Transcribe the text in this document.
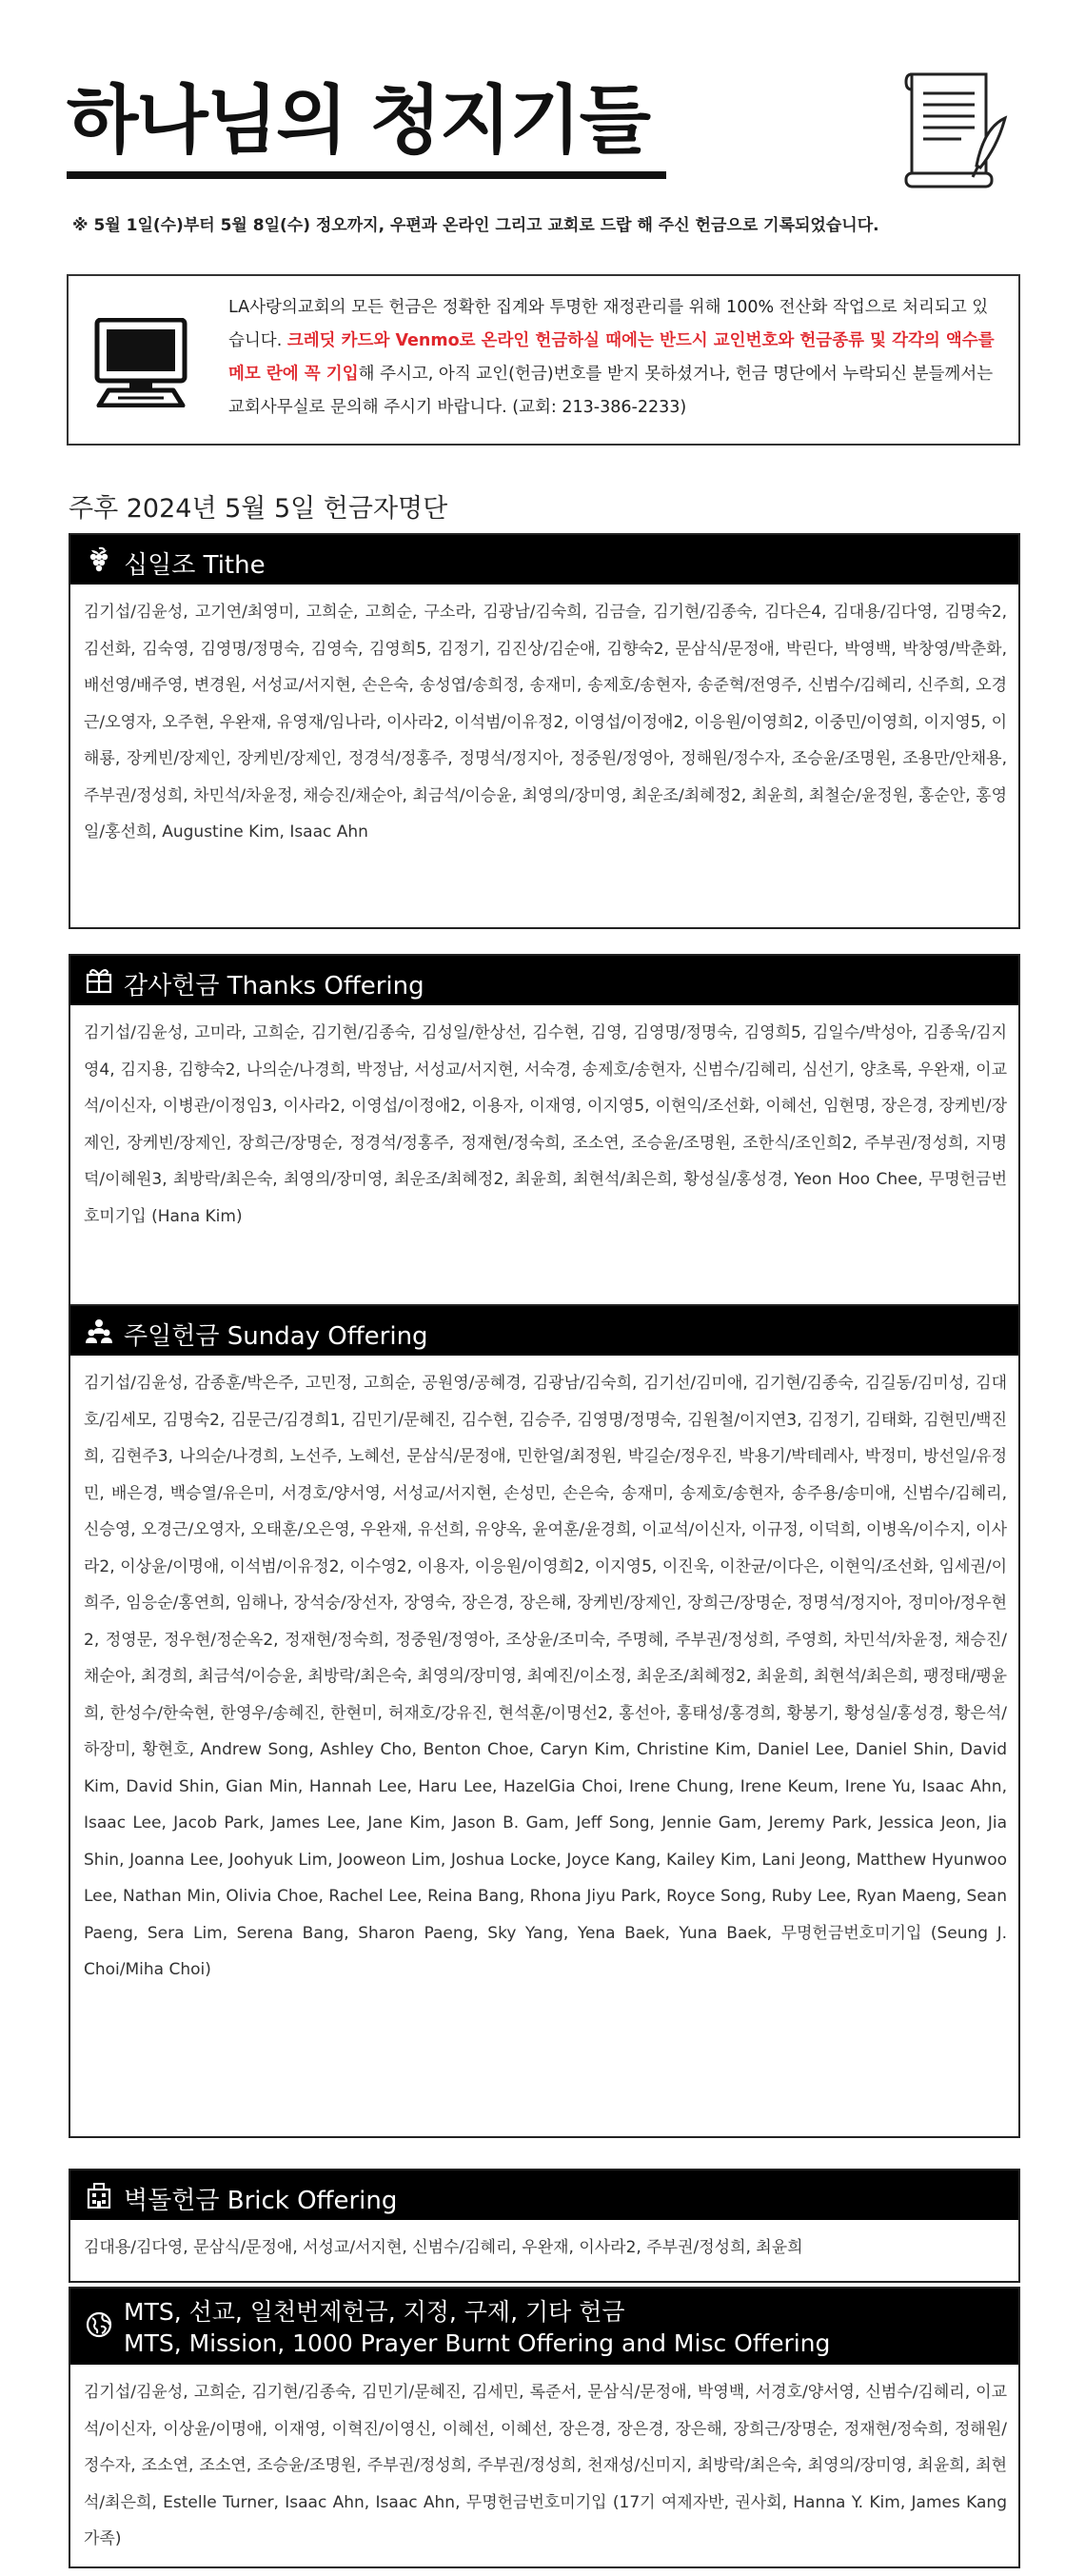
하나님의 청지기들
※ 5월 1일(수)부터 5월 8일(수) 정오까지, 우편과 온라인 그리고 교회로 드랍 해 주신 헌금으로 기록되었습니다.
LA사랑의교회의 모든 헌금은 정확한 집계와 투명한 재정관리를 위해 100% 전산화 작업으로 처리되고 있습니다. 크레딧 카드와 Venmo로 온라인 헌금하실 때에는 반드시 교인번호와 헌금종류 및 각각의 액수를 메모 란에 꼭 기입해 주시고, 아직 교인(헌금)번호를 받지 못하셨거나, 헌금 명단에서 누락되신 분들께서는 교회사무실로 문의해 주시기 바랍니다. (교회: 213-386-2233)
주후 2024년 5월 5일 헌금자명단
십일조 Tithe
김기섭/김윤성, 고기연/최영미, 고희순, 고희순, 구소라, 김광남/김숙희, 김금슬, 김기현/김종숙, 김다은4, 김대용/김다영, 김명숙2, 김선화, 김숙영, 김영명/정명숙, 김영숙, 김영희5, 김정기, 김진상/김순애, 김향숙2, 문삼식/문정애, 박린다, 박영백, 박창영/박춘화, 배선영/배주영, 변경원, 서성교/서지현, 손은숙, 송성엽/송희정, 송재미, 송제호/송현자, 송준혁/전영주, 신범수/김혜리, 신주희, 오경근/오영자, 오주현, 우완재, 유영재/임나라, 이사라2, 이석범/이유정2, 이영섭/이정애2, 이응원/이영희2, 이중민/이영희, 이지영5, 이해룡, 장케빈/장제인, 장케빈/장제인, 정경석/정홍주, 정명석/정지아, 정중원/정영아, 정해원/정수자, 조승윤/조명원, 조용만/안채용, 주부권/정성희, 차민석/차윤정, 채승진/채순아, 최금석/이승윤, 최영의/장미영, 최운조/최혜정2, 최윤희, 최철순/윤정원, 홍순안, 홍영일/홍선희, Augustine Kim, Isaac Ahn
감사헌금 Thanks Offering
김기섭/김윤성, 고미라, 고희순, 김기현/김종숙, 김성일/한상선, 김수현, 김영, 김영명/정명숙, 김영희5, 김일수/박성아, 김종욱/김지영4, 김지용, 김향숙2, 나의순/나경희, 박정남, 서성교/서지현, 서숙경, 송제호/송현자, 신범수/김혜리, 심선기, 양초록, 우완재, 이교석/이신자, 이병관/이정임3, 이사라2, 이영섭/이정애2, 이용자, 이재영, 이지영5, 이현익/조선화, 이혜선, 임현명, 장은경, 장케빈/장제인, 장케빈/장제인, 장희근/장명순, 정경석/정홍주, 정재현/정숙희, 조소연, 조승윤/조명원, 조한식/조인희2, 주부권/정성희, 지명덕/이혜원3, 최방락/최은숙, 최영의/장미영, 최운조/최혜정2, 최윤희, 최현석/최은희, 황성실/홍성경, Yeon Hoo Chee, 무명헌금번호미기입 (Hana Kim)
주일헌금 Sunday Offering
김기섭/김윤성, 감종훈/박은주, 고민정, 고희순, 공원영/공혜경, 김광남/김숙희, 김기선/김미애, 김기현/김종숙, 김길동/김미성, 김대호/김세모, 김명숙2, 김문근/김경희1, 김민기/문혜진, 김수현, 김승주, 김영명/정명숙, 김원철/이지연3, 김정기, 김태화, 김현민/백진희, 김현주3, 나의순/나경희, 노선주, 노혜선, 문삼식/문정애, 민한얼/최정원, 박길순/정우진, 박용기/박테레사, 박정미, 방선일/유정민, 배은경, 백승열/유은미, 서경호/양서영, 서성교/서지현, 손성민, 손은숙, 송재미, 송제호/송현자, 송주용/송미애, 신범수/김혜리, 신승영, 오경근/오영자, 오태훈/오은영, 우완재, 유선희, 유양옥, 윤여훈/윤경희, 이교석/이신자, 이규정, 이덕희, 이병옥/이수지, 이사라2, 이상윤/이명애, 이석범/이유정2, 이수영2, 이용자, 이응원/이영희2, 이지영5, 이진욱, 이찬균/이다은, 이현익/조선화, 임세권/이희주, 임응순/홍연희, 임해나, 장석숭/장선자, 장영숙, 장은경, 장은해, 장케빈/장제인, 장희근/장명순, 정명석/정지아, 정미아/정우현2, 정영문, 정우현/정순옥2, 정재현/정숙희, 정중원/정영아, 조상윤/조미숙, 주명혜, 주부권/정성희, 주영희, 차민석/차윤정, 채승진/채순아, 최경희, 최금석/이승윤, 최방락/최은숙, 최영의/장미영, 최예진/이소정, 최운조/최혜정2, 최윤희, 최현석/최은희, 팽정태/팽윤희, 한성수/한숙현, 한영우/송혜진, 한현미, 허재호/강유진, 현석훈/이명선2, 홍선아, 홍태성/홍경희, 황봉기, 황성실/홍성경, 황은석/하장미, 황현호, Andrew Song, Ashley Cho, Benton Choe, Caryn Kim, Christine Kim, Daniel Lee, Daniel Shin, David Kim, David Shin, Gian Min, Hannah Lee, Haru Lee, HazelGia Choi, Irene Chung, Irene Keum, Irene Yu, Isaac Ahn, Isaac Lee, Jacob Park, James Lee, Jane Kim, Jason B. Gam, Jeff Song, Jennie Gam, Jeremy Park, Jessica Jeon, Jia Shin, Joanna Lee, Joohyuk Lim, Jooweon Lim, Joshua Locke, Joyce Kang, Kailey Kim, Lani Jeong, Matthew Hyunwoo Lee, Nathan Min, Olivia Choe, Rachel Lee, Reina Bang, Rhona Jiyu Park, Royce Song, Ruby Lee, Ryan Maeng, Sean Paeng, Sera Lim, Serena Bang, Sharon Paeng, Sky Yang, Yena Baek, Yuna Baek, 무명헌금번호미기입 (Seung J. Choi/Miha Choi)
벽돌헌금 Brick Offering
김대용/김다영, 문삼식/문정애, 서성교/서지현, 신범수/김혜리, 우완재, 이사라2, 주부권/정성희, 최윤희
MTS, 선교, 일천번제헌금, 지정, 구제, 기타 헌금
MTS, Mission, 1000 Prayer Burnt Offering and Misc Offering
김기섭/김윤성, 고희순, 김기현/김종숙, 김민기/문혜진, 김세민, 록준서, 문삼식/문정애, 박영백, 서경호/양서영, 신범수/김혜리, 이교석/이신자, 이상윤/이명애, 이재영, 이혁진/이영신, 이혜선, 이혜선, 장은경, 장은경, 장은해, 장희근/장명순, 정재현/정숙희, 정해원/정수자, 조소연, 조소연, 조승윤/조명원, 주부권/정성희, 주부권/정성희, 천재성/신미지, 최방락/최은숙, 최영의/장미영, 최윤희, 최현석/최은희, Estelle Turner, Isaac Ahn, Isaac Ahn, 무명헌금번호미기입 (17기 여제자반, 권사회, Hanna Y. Kim, James Kang 가족)
